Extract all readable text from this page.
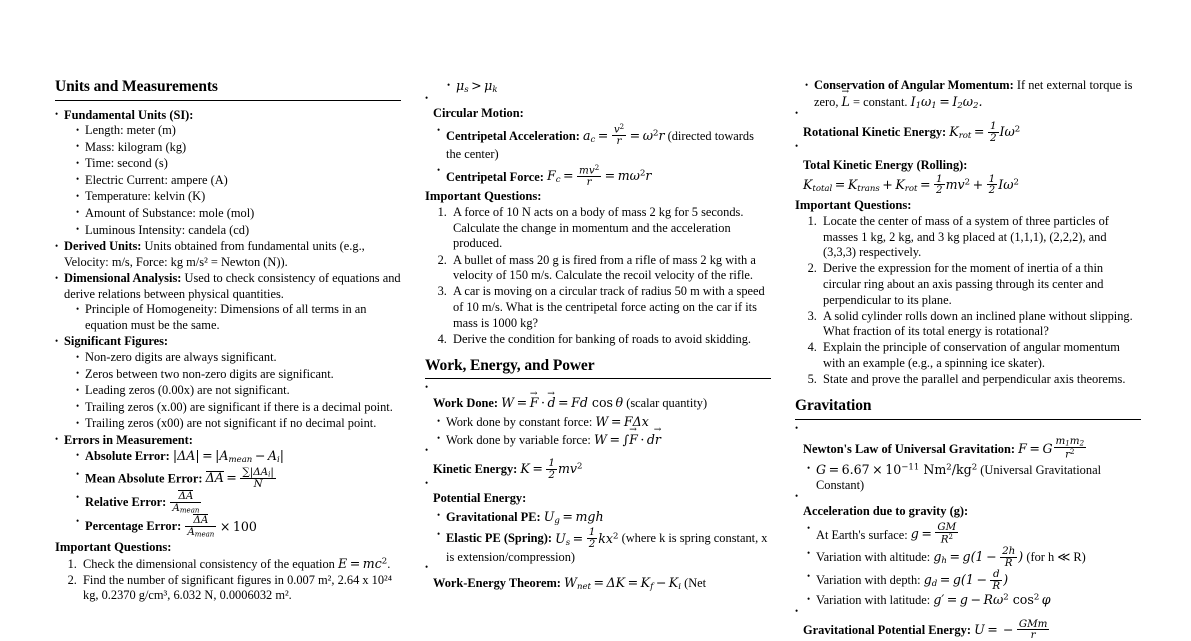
Units and Measurements
• Fundamental Units (SI):
• Length: meter (m)
• Mass: kilogram (kg)
• Time: second (s)
• Electric Current: ampere (A)
• Temperature: kelvin (K)
• Amount of Substance: mole (mol)
• Luminous Intensity: candela (cd)
• Derived Units: Units obtained from fundamental units (e.g., Velocity: m/s, Force: kg m/s² = Newton (N)).
• Dimensional Analysis: Used to check consistency of equations and derive relations between physical quantities.
• Principle of Homogeneity: Dimensions of all terms in an equation must be the same.
• Significant Figures:
• Non-zero digits are always significant.
• Zeros between two non-zero digits are significant.
• Leading zeros (0.00x) are not significant.
• Trailing zeros (x.00) are significant if there is a decimal point.
• Trailing zeros (x00) are not significant if no decimal point.
• Errors in Measurement:
• Absolute Error: $|\Delta A| = |A_{mean} - A_i|$
• Mean Absolute Error: $\Delta A = \frac{\sum|\Delta A_i|}{N}$
• Relative Error: $\frac{\Delta A}{A_{mean}}$
• Percentage Error: $\frac{\Delta A}{A_{mean}} \times 100$
Important Questions:
1. Check the dimensional consistency of the equation $E = mc^2$.
2. Find the number of significant figures in 0.007 m², 2.64 x 10²⁴ kg, 0.2370 g/cm³, 6.032 N, 0.0006032 m².
• $\mu_s > \mu_k$
•
Circular Motion:
• Centripetal Acceleration: $a_c = \frac{v^2}{r} = \omega^2r$ (directed towards the center)
• Centripetal Force: $F_c = \frac{mv^2}{r} = m\omega^2r$
Important Questions:
1. A force of 10 N acts on a body of mass 2 kg for 5 seconds. Calculate the change in momentum and the acceleration produced.
2. A bullet of mass 20 g is fired from a rifle of mass 2 kg with a velocity of 150 m/s. Calculate the recoil velocity of the rifle.
3. A car is moving on a circular track of radius 50 m with a speed of 10 m/s. What is the centripetal force acting on the car if its mass is 1000 kg?
4. Derive the condition for banking of roads to avoid skidding.
Work, Energy, and Power
•
Work Done: W = F → · d → = Fd cos θ (scalar quantity)
• Work done by constant force: W = FΔx
• Work done by variable force: W = ∫F → · dr →
•
Kinetic Energy: $K = \frac{1}{2} mv^2$
•
Potential Energy:
• Gravitational PE: $U_g$ = mgh
• Elastic PE (Spring): $U_s = \frac{1}{2} kx^2$ (where k is spring constant, x is extension/compression)
•
Work-Energy Theorem: $W_{net} = \Delta K = K_f - K_i$ (Net
• Conservation of Angular Momentum: If net external torque is zero, L → = constant. $I_1\omega_1 = I_2\omega_2$.
•
Rotational Kinetic Energy: $K_{rot} = \frac{1}{2} I\omega^2$
•
Total Kinetic Energy (Rolling): $K_{total} = K_{trans} + K_{rot} = \frac{1}{2} mv^2 + \frac{1}{2} I\omega^2$
Important Questions:
1. Locate the center of mass of a system of three particles of masses 1 kg, 2 kg, and 3 kg placed at (1,1,1), (2,2,2), and (3,3,3) respectively.
2. Derive the expression for the moment of inertia of a thin circular ring about an axis passing through its center and perpendicular to its plane.
3. A solid cylinder rolls down an inclined plane without slipping. What fraction of its total energy is rotational?
4. Explain the principle of conservation of angular momentum with an example (e.g., a spinning ice skater).
5. State and prove the parallel and perpendicular axis theorems.
Gravitation
•
Newton's Law of Universal Gravitation: F = G $\frac{m_1m_2}{r^2}$
• $G = 6.67 \times 10^{-11}$ $Nm^2/kg^2$ (Universal Gravitational Constant)
•
Acceleration due to gravity (g):
• At Earth's surface: $g = \frac{GM}{R^2}$
• Variation with altitude: $g_h = g(1 - \frac{2h}{R}$ ) (for h ≪ R)
• Variation with depth: $g_d = g(1 - \frac{d}{R}$ )
• Variation with latitude: $g' = g - R\omega^2$ $\cos^2 \varphi$
•
Gravitational Potential Energy: U = − $\frac{\text{GMm}}{r}$
